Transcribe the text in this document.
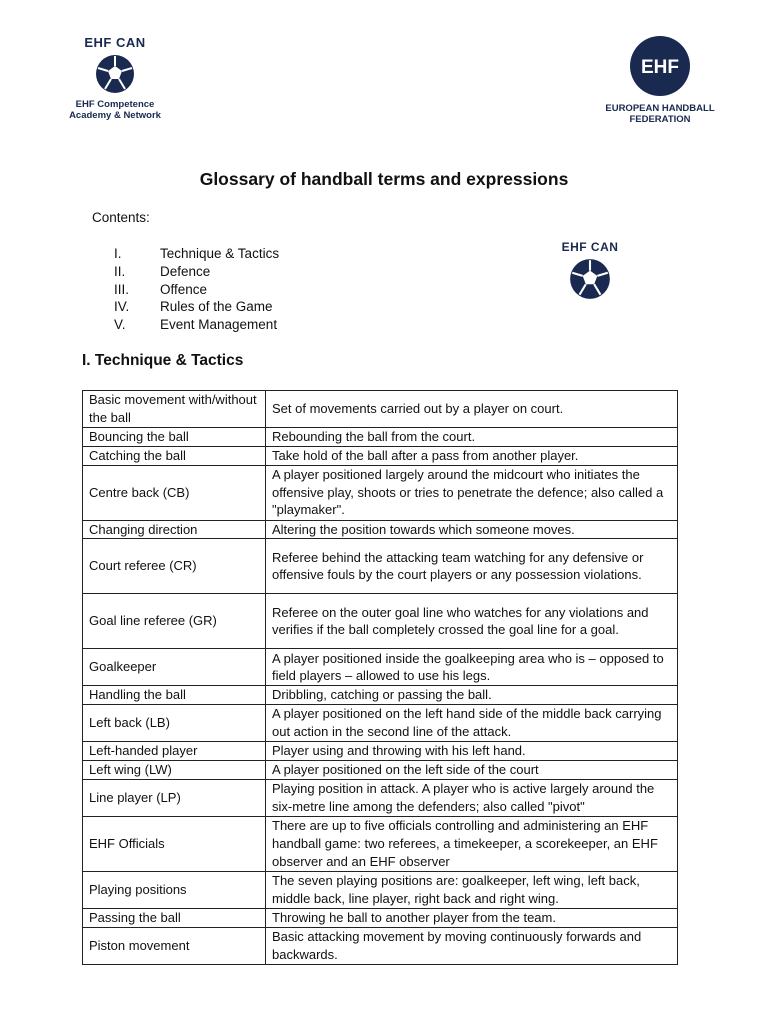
EHF CAN
EHF Competence
Academy & Network
EHF
EUROPEAN HANDBALL
FEDERATION
Glossary of handball terms and expressions
Contents:
I.	Technique & Tactics
II.	Defence
III.	Offence
IV.	Rules of the Game
V.	Event Management
EHF CAN
I. Technique & Tactics
Basic movement with/without the ball	Set of movements carried out by a player on court.
Bouncing the ball	Rebounding the ball from the court.
Catching the ball	Take hold of the ball after a pass from another player.
Centre back (CB)	A player positioned largely around the midcourt who initiates the offensive play, shoots or tries to penetrate the defence; also called a "playmaker".
Changing direction	Altering the position towards which someone moves.
Court referee (CR)	Referee behind the attacking team watching for any defensive or offensive fouls by the court players or any possession violations.
Goal line referee (GR)	Referee on the outer goal line who watches for any violations and verifies if the ball completely crossed the goal line for a goal.
Goalkeeper	A player positioned inside the goalkeeping area who is – opposed to field players – allowed to use his legs.
Handling the ball	Dribbling, catching or passing the ball.
Left back (LB)	A player positioned on the left hand side of the middle back carrying out action in the second line of the attack.
Left-handed player	Player using and throwing with his left hand.
Left wing (LW)	A player positioned on the left side of the court
Line player (LP)	Playing position in attack. A player who is active largely around the six-metre line among the defenders; also called "pivot"
EHF Officials	There are up to five officials controlling and administering an EHF handball game: two referees, a timekeeper, a scorekeeper, an EHF observer and an EHF observer
Playing positions	The seven playing positions are: goalkeeper, left wing, left back, middle back, line player, right back and right wing.
Passing the ball	Throwing he ball to another player from the team.
Piston movement	Basic attacking movement by moving continuously forwards and backwards.
